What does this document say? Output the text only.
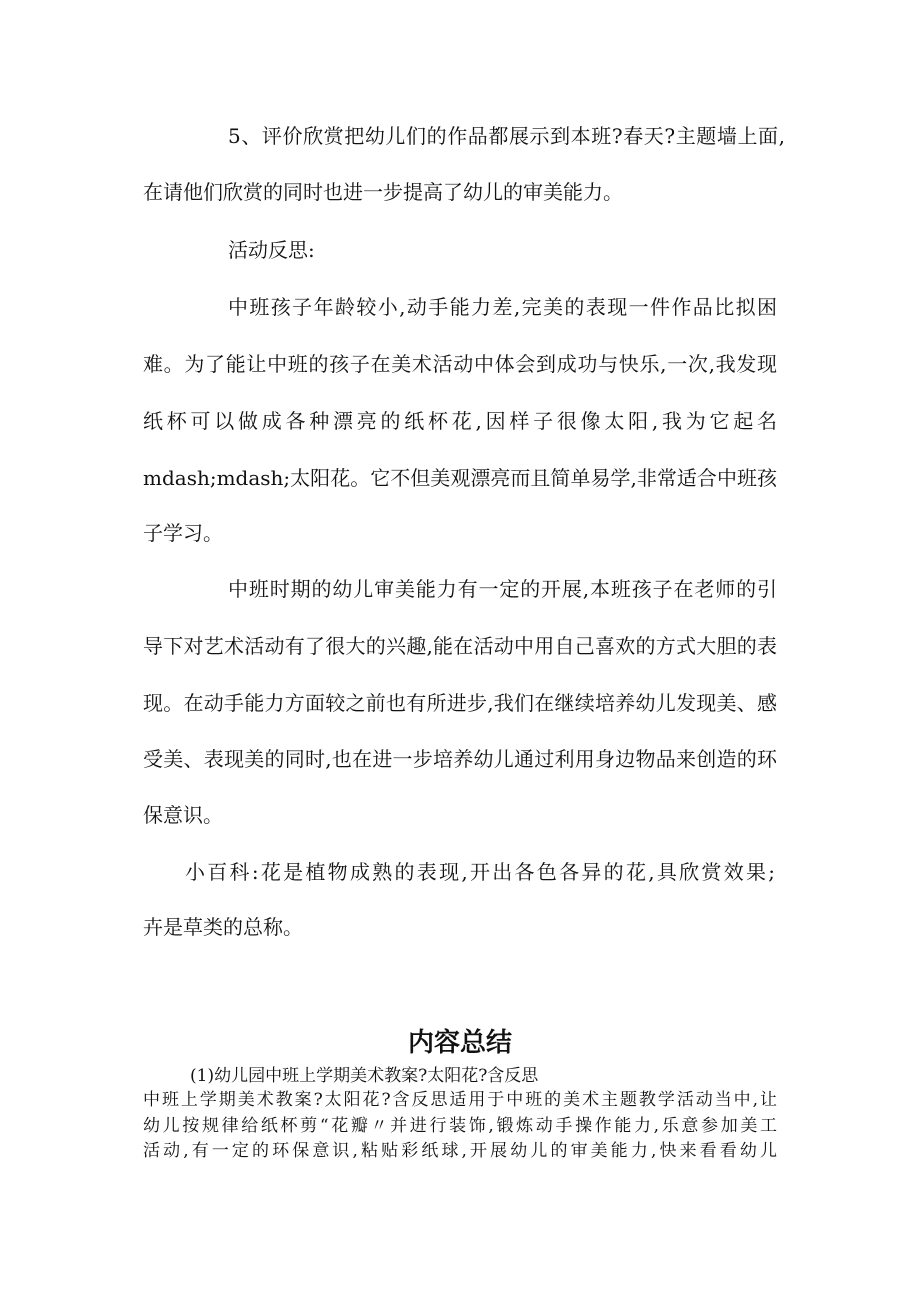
5、评价欣赏把幼儿们的作品都展示到本班?春天?主题墙上面,

在请他们欣赏的同时也进一步提高了幼儿的审美能力。

活动反思:

中班孩子年龄较小,动手能力差,完美的表现一件作品比拟困

难。为了能让中班的孩子在美术活动中体会到成功与快乐,一次,我发现

纸杯可以做成各种漂亮的纸杯花,因样子很像太阳,我为它起名

mdash;mdash;太阳花。它不但美观漂亮而且简单易学,非常适合中班孩

子学习。

中班时期的幼儿审美能力有一定的开展,本班孩子在老师的引

导下对艺术活动有了很大的兴趣,能在活动中用自己喜欢的方式大胆的表

现。在动手能力方面较之前也有所进步,我们在继续培养幼儿发现美、感

受美、表现美的同时,也在进一步培养幼儿通过利用身边物品来创造的环

保意识。

小百科:花是植物成熟的表现,开出各色各异的花,具欣赏效果;

卉是草类的总称。

内容总结

(1)幼儿园中班上学期美术教案?太阳花?含反思

中班上学期美术教案?太阳花?含反思适用于中班的美术主题教学活动当中,让

幼儿按规律给纸杯剪“花瓣〃并进行装饰,锻炼动手操作能力,乐意参加美工

活动,有一定的环保意识,粘贴彩纸球,开展幼儿的审美能力,快来看看幼儿
